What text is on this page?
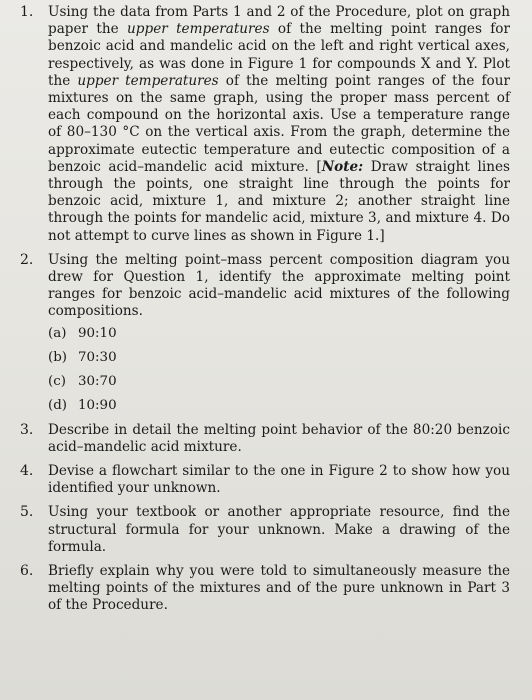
1. Using the data from Parts 1 and 2 of the Procedure, plot on graph paper the upper temperatures of the melting point ranges for benzoic acid and mandelic acid on the left and right vertical axes, respectively, as was done in Figure 1 for compounds X and Y. Plot the upper temperatures of the melting point ranges of the four mixtures on the same graph, using the proper mass percent of each compound on the horizontal axis. Use a temperature range of 80–130 °C on the vertical axis. From the graph, determine the approximate eutectic temperature and eutectic composition of a benzoic acid–mandelic acid mixture. [Note: Draw straight lines through the points, one straight line through the points for benzoic acid, mixture 1, and mixture 2; another straight line through the points for mandelic acid, mixture 3, and mixture 4. Do not attempt to curve lines as shown in Figure 1.]
2. Using the melting point–mass percent composition diagram you drew for Question 1, identify the approximate melting point ranges for benzoic acid–mandelic acid mixtures of the following compositions.
(a) 90:10
(b) 70:30
(c) 30:70
(d) 10:90
3. Describe in detail the melting point behavior of the 80:20 benzoic acid–mandelic acid mixture.
4. Devise a flowchart similar to the one in Figure 2 to show how you identified your unknown.
5. Using your textbook or another appropriate resource, find the structural formula for your unknown. Make a drawing of the formula.
6. Briefly explain why you were told to simultaneously measure the melting points of the mixtures and of the pure unknown in Part 3 of the Procedure.
